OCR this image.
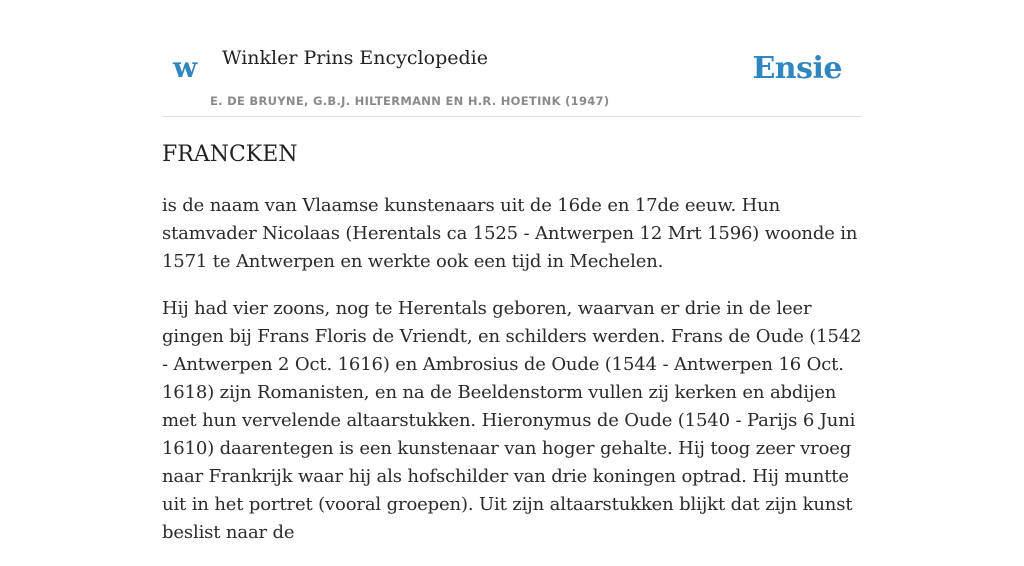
w Winkler Prins Encyclopedie
E. DE BRUYNE, G.B.J. HILTERMANN EN H.R. HOETINK (1947)
Ensie
FRANCKEN

is de naam van Vlaamse kunstenaars uit de 16de en 17de eeuw. Hun stamvader Nicolaas (Herentals ca 1525 - Antwerpen 12 Mrt 1596) woonde in 1571 te Antwerpen en werkte ook een tijd in Mechelen.

Hij had vier zoons, nog te Herentals geboren, waarvan er drie in de leer gingen bij Frans Floris de Vriendt, en schilders werden. Frans de Oude (1542 - Antwerpen 2 Oct. 1616) en Ambrosius de Oude (1544 - Antwerpen 16 Oct. 1618) zijn Romanisten, en na de Beeldenstorm vullen zij kerken en abdijen met hun vervelende altaarstukken. Hieronymus de Oude (1540 - Parijs 6 Juni 1610) daarentegen is een kunstenaar van hoger gehalte. Hij toog zeer vroeg naar Frankrijk waar hij als hofschilder van drie koningen optrad. Hij muntte uit in het portret (vooral groepen). Uit zijn altaarstukken blijkt dat zijn kunst beslist naar de
